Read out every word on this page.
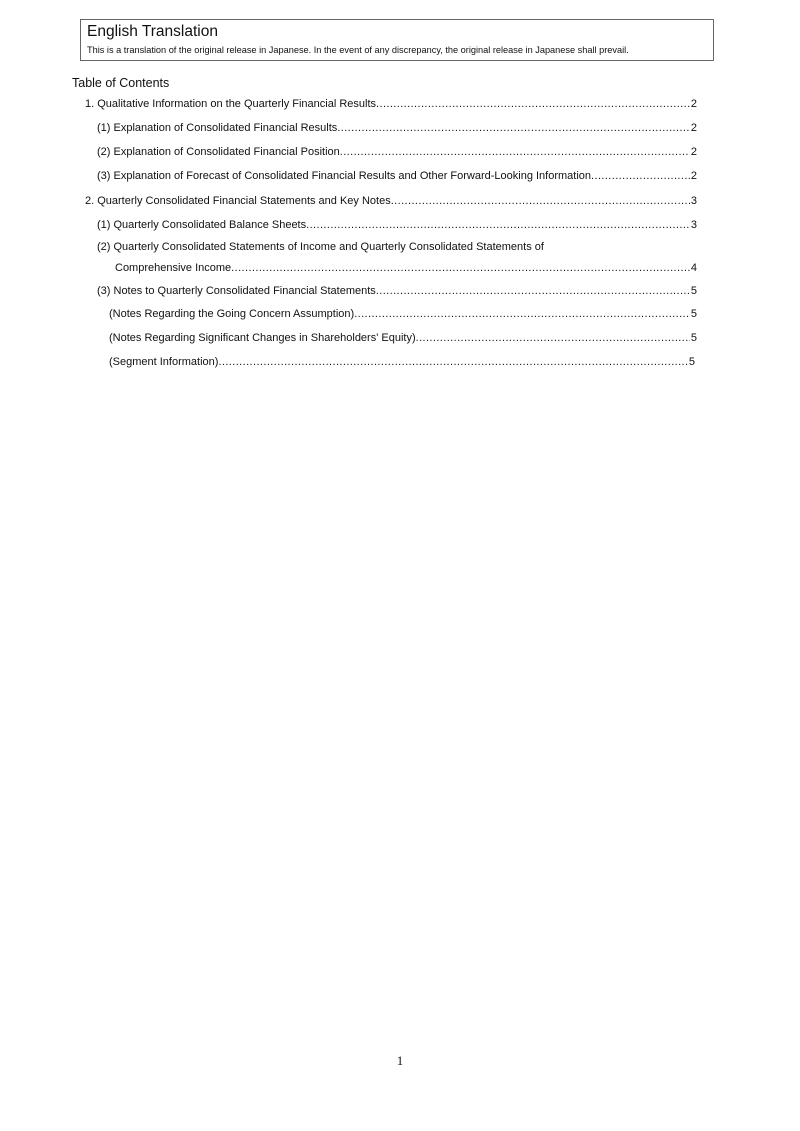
English Translation
This is a translation of the original release in Japanese. In the event of any discrepancy, the original release in Japanese shall prevail.
Table of Contents
1. Qualitative Information on the Quarterly Financial Results .....	2
(1) Explanation of Consolidated Financial Results .....	2
(2) Explanation of Consolidated Financial Position .....	2
(3) Explanation of Forecast of Consolidated Financial Results and Other Forward-Looking Information .....	2
2. Quarterly Consolidated Financial Statements and Key Notes .....	3
(1) Quarterly Consolidated Balance Sheets .....	3
(2) Quarterly Consolidated Statements of Income and Quarterly Consolidated Statements of
Comprehensive Income .....	4
(3) Notes to Quarterly Consolidated Financial Statements .....	5
(Notes Regarding the Going Concern Assumption) .....	5
(Notes Regarding Significant Changes in Shareholders' Equity) .....	5
(Segment Information) .....	5
1
